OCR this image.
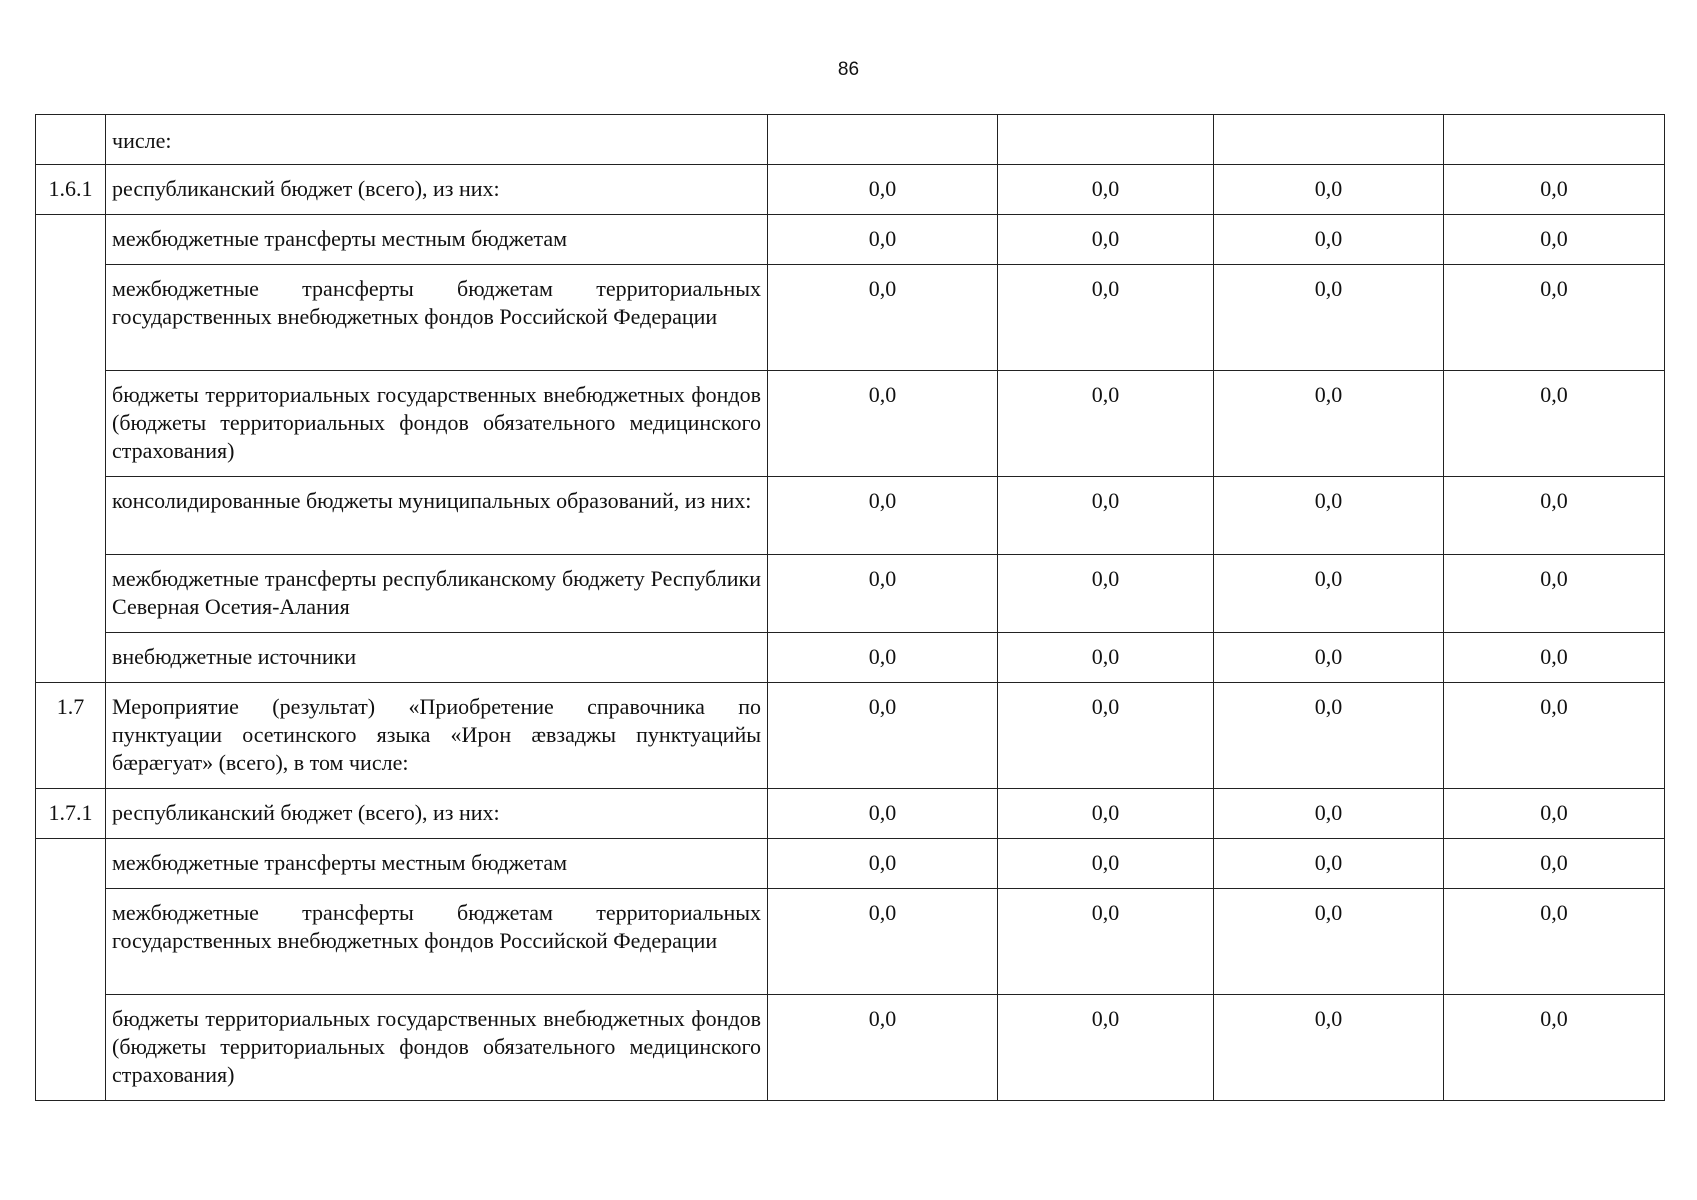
86
	числе:				
1.6.1	республиканский бюджет (всего), из них:	0,0	0,0	0,0	0,0
	межбюджетные трансферты местным бюджетам	0,0	0,0	0,0	0,0
	межбюджетные трансферты бюджетам территориальных государственных внебюджетных фондов Российской Федерации	0,0	0,0	0,0	0,0
	бюджеты территориальных государственных внебюджетных фондов (бюджеты территориальных фондов обязательного медицинского страхования)	0,0	0,0	0,0	0,0
	консолидированные бюджеты муниципальных образований, из них:	0,0	0,0	0,0	0,0
	межбюджетные трансферты республиканскому бюджету Республики Северная Осетия-Алания	0,0	0,0	0,0	0,0
	внебюджетные источники	0,0	0,0	0,0	0,0
1.7	Мероприятие (результат) «Приобретение справочника по пунктуации осетинского языка «Ирон æвзаджы пунктуацийы бæрæгуат» (всего), в том числе:	0,0	0,0	0,0	0,0
1.7.1	республиканский бюджет (всего), из них:	0,0	0,0	0,0	0,0
	межбюджетные трансферты местным бюджетам	0,0	0,0	0,0	0,0
	межбюджетные трансферты бюджетам территориальных государственных внебюджетных фондов Российской Федерации	0,0	0,0	0,0	0,0
	бюджеты территориальных государственных внебюджетных фондов (бюджеты территориальных фондов обязательного медицинского страхования)	0,0	0,0	0,0	0,0
